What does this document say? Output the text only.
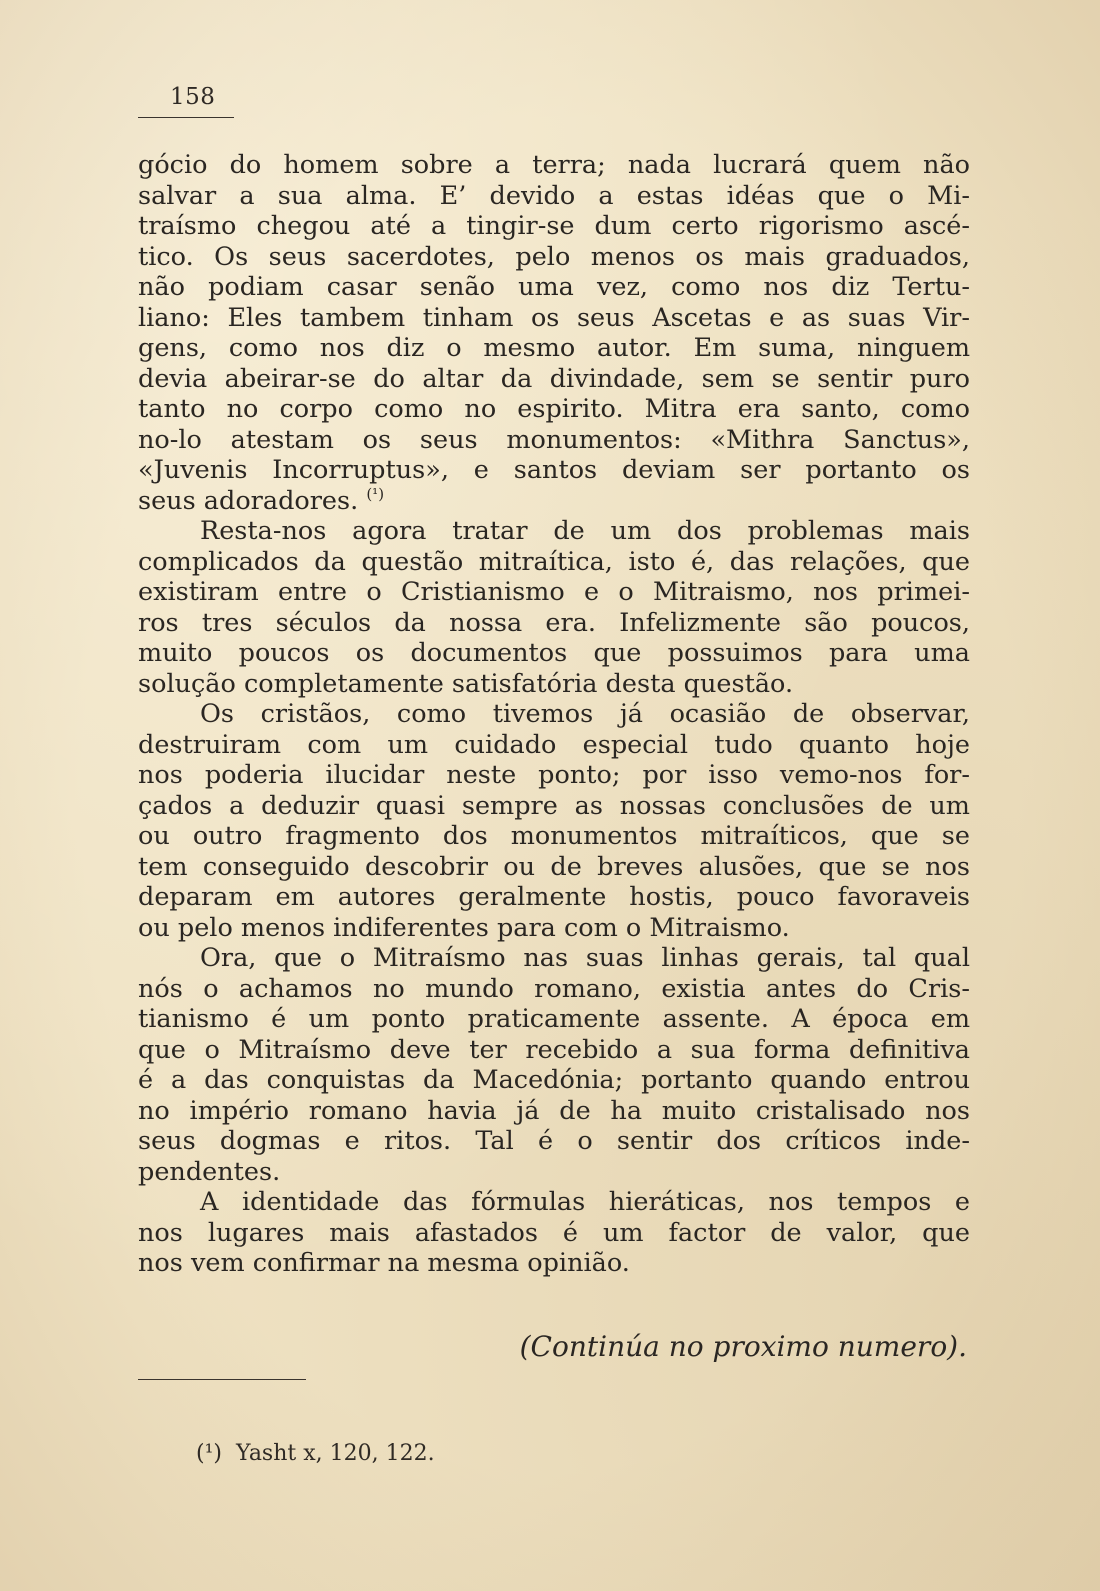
158
gócio do homem sobre a terra; nada lucrará quem não
salvar a sua alma. E’ devido a estas idéas que o Mi-
traísmo chegou até a tingir-se dum certo rigorismo ascé-
tico. Os seus sacerdotes, pelo menos os mais graduados,
não podiam casar senão uma vez, como nos diz Tertu-
liano: Eles tambem tinham os seus Ascetas e as suas Vir-
gens, como nos diz o mesmo autor. Em suma, ninguem
devia abeirar-se do altar da divindade, sem se sentir puro
tanto no corpo como no espirito. Mitra era santo, como
no-lo atestam os seus monumentos: «Mithra Sanctus»,
«Juvenis Incorruptus», e santos deviam ser portanto os
seus adoradores. $^{(^1)}$
Resta-nos agora tratar de um dos problemas mais
complicados da questão mitraítica, isto é, das relações, que
existiram entre o Cristianismo e o Mitraismo, nos primei-
ros tres séculos da nossa era. Infelizmente são poucos,
muito poucos os documentos que possuimos para uma
solução completamente satisfatória desta questão.
Os cristãos, como tivemos já ocasião de observar,
destruiram com um cuidado especial tudo quanto hoje
nos poderia ilucidar neste ponto; por isso vemo-nos for-
çados a deduzir quasi sempre as nossas conclusões de um
ou outro fragmento dos monumentos mitraíticos, que se
tem conseguido descobrir ou de breves alusões, que se nos
deparam em autores geralmente hostis, pouco favoraveis
ou pelo menos indiferentes para com o Mitraismo.
Ora, que o Mitraísmo nas suas linhas gerais, tal qual
nós o achamos no mundo romano, existia antes do Cris-
tianismo é um ponto praticamente assente. A época em
que o Mitraísmo deve ter recebido a sua forma definitiva
é a das conquistas da Macedónia; portanto quando entrou
no império romano havia já de ha muito cristalisado nos
seus dogmas e ritos. Tal é o sentir dos críticos inde-
pendentes.
A identidade das fórmulas hieráticas, nos tempos e
nos lugares mais afastados é um factor de valor, que
nos vem confirmar na mesma opinião.
(Continúa no proximo numero).
(¹) Yasht x, 120, 122.
